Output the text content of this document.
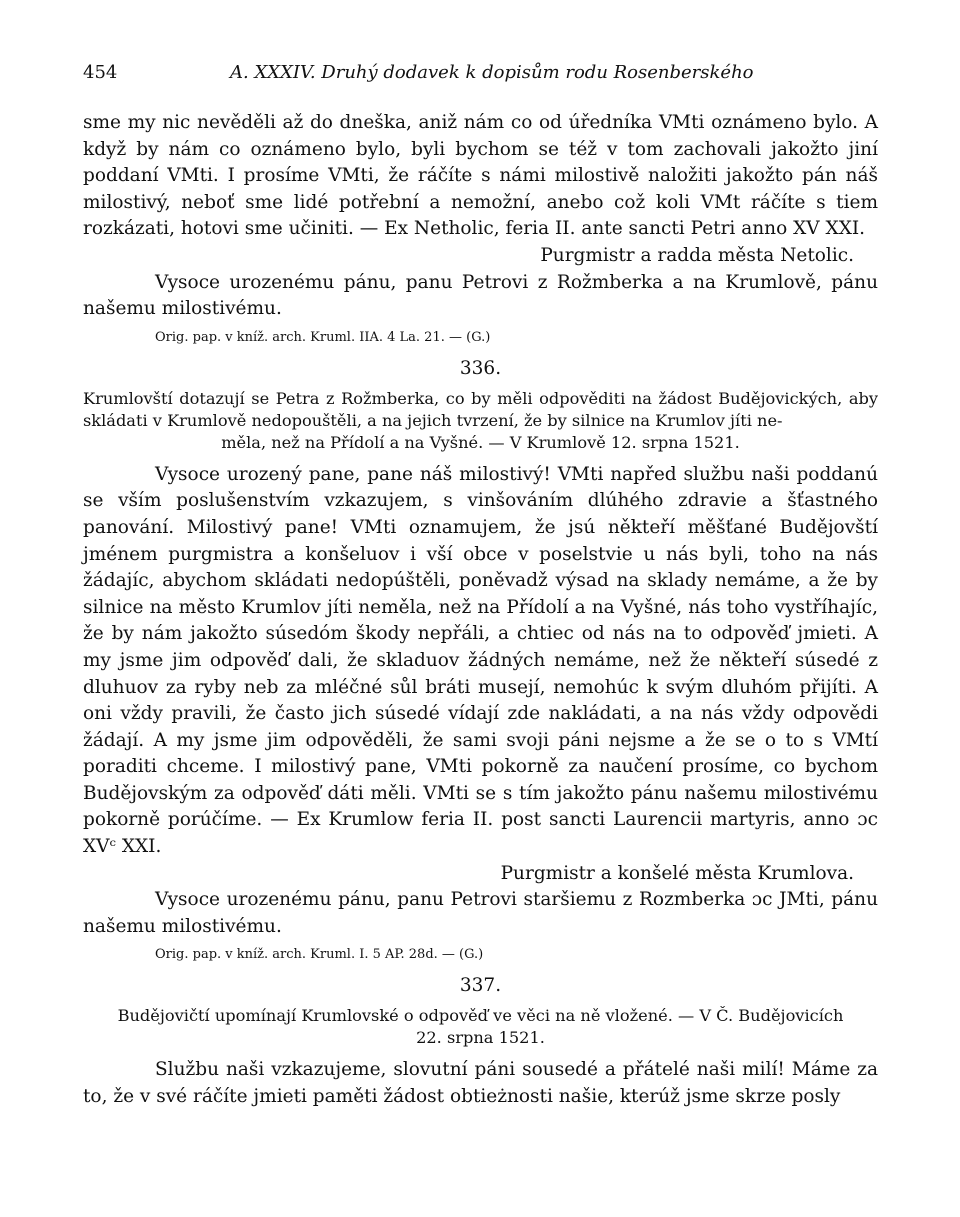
454	A. XXXIV. Druhý dodavek k dopisům rodu Rosenberského

sme my nic nevěděli až do dneška, aniž nám co od úředníka VMti oznámeno bylo. A když by nám co oznámeno bylo, byli bychom se též v tom zachovali jakožto jiní poddaní VMti. I prosíme VMti, že ráčíte s námi milostivě naložiti jakožto pán náš milostivý, neboť sme lidé potřební a nemožní, anebo což koli VMt ráčíte s tiem rozkázati, hotovi sme učiniti. — Ex Netholic, feria II. ante sancti Petri anno XV XXI.

Purgmistr a radda města Netolic.

Vysoce urozenému pánu, panu Petrovi z Rožmberka a na Krumlově, pánu našemu milostivému.

Orig. pap. v kníž. arch. Kruml. IIA. 4 La. 21. — (G.)

336.
Krumlovští dotazují se Petra z Rožmberka, co by měli odpověditi na žádost Budějovických, aby skládati v Krumlově nedopouštěli, a na jejich tvrzení, že by silnice na Krumlov jíti ne-
měla, než na Přídolí a na Vyšné. — V Krumlově 12. srpna 1521.

Vysoce urozený pane, pane náš milostivý! VMti napřed službu naši poddanú se vším poslušenstvím vzkazujem, s vinšováním dlúhého zdravie a šťastného panování. Milostivý pane! VMti oznamujem, že jsú někteří měšťané Budějovští jménem purgmistra a konšeluov i vší obce v poselstvie u nás byli, toho na nás žádajíc, abychom skládati nedopúštěli, poněvadž výsad na sklady nemáme, a že by silnice na město Krumlov jíti neměla, než na Přídolí a na Vyšné, nás toho vystříhajíc, že by nám jakožto súsedóm škody nepřáli, a chtiec od nás na to odpověď jmieti. A my jsme jim odpověď dali, že skladuov žádných nemáme, než že někteří súsedé z dluhuov za ryby neb za mléčné sůl bráti musejí, nemohúc k svým dluhóm přijíti. A oni vždy pravili, že často jich súsedé vídají zde nakládati, a na nás vždy odpovědi žádají. A my jsme jim odpověděli, že sami svoji páni nejsme a že se o to s VMtí poraditi chceme. I milostivý pane, VMti pokorně za naučení prosíme, co bychom Budějovským za odpověď dáti měli. VMti se s tím jakožto pánu našemu milostivému pokorně porúčíme. — Ex Krumlow feria II. post sancti Laurencii martyris, anno ɔc XVᶜ XXI.

Purgmistr a konšelé města Krumlova.

Vysoce urozenému pánu, panu Petrovi staršiemu z Rozmberka ɔc JMti, pánu našemu milostivému.

Orig. pap. v kníž. arch. Kruml. I. 5 AP. 28d. — (G.)

337.
Budějovičtí upomínají Krumlovské o odpověď ve věci na ně vložené. — V Č. Budějovicích
22. srpna 1521.

Službu naši vzkazujeme, slovutní páni sousedé a přátelé naši milí! Máme za to, že v své ráčíte jmieti paměti žádost obtieżnosti našie, kterúž jsme skrze posly
